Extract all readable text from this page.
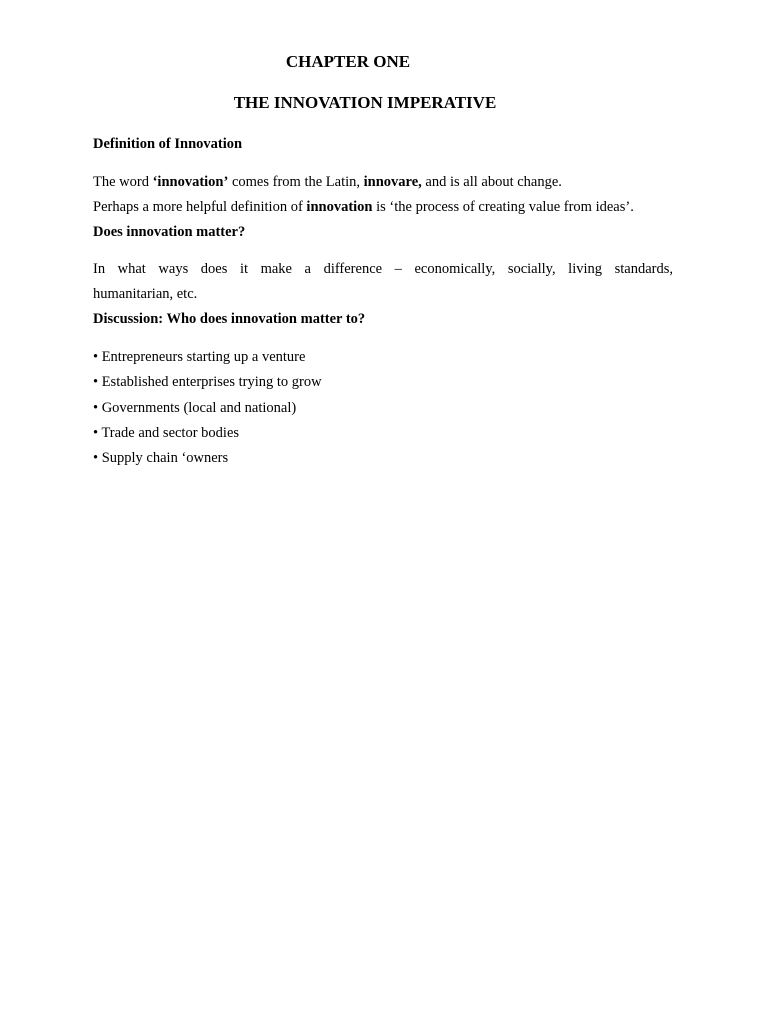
CHAPTER ONE
THE INNOVATION IMPERATIVE

Definition of Innovation

The word ‘innovation’ comes from the Latin, innovare, and is all about change.

Perhaps a more helpful definition of innovation is ‘the process of creating value from ideas’.

Does innovation matter?

In what ways does it make a difference – economically, socially, living standards,
humanitarian, etc.

Discussion: Who does innovation matter to?

• Entrepreneurs starting up a venture
• Established enterprises trying to grow
• Governments (local and national)
• Trade and sector bodies
• Supply chain ‘owners
